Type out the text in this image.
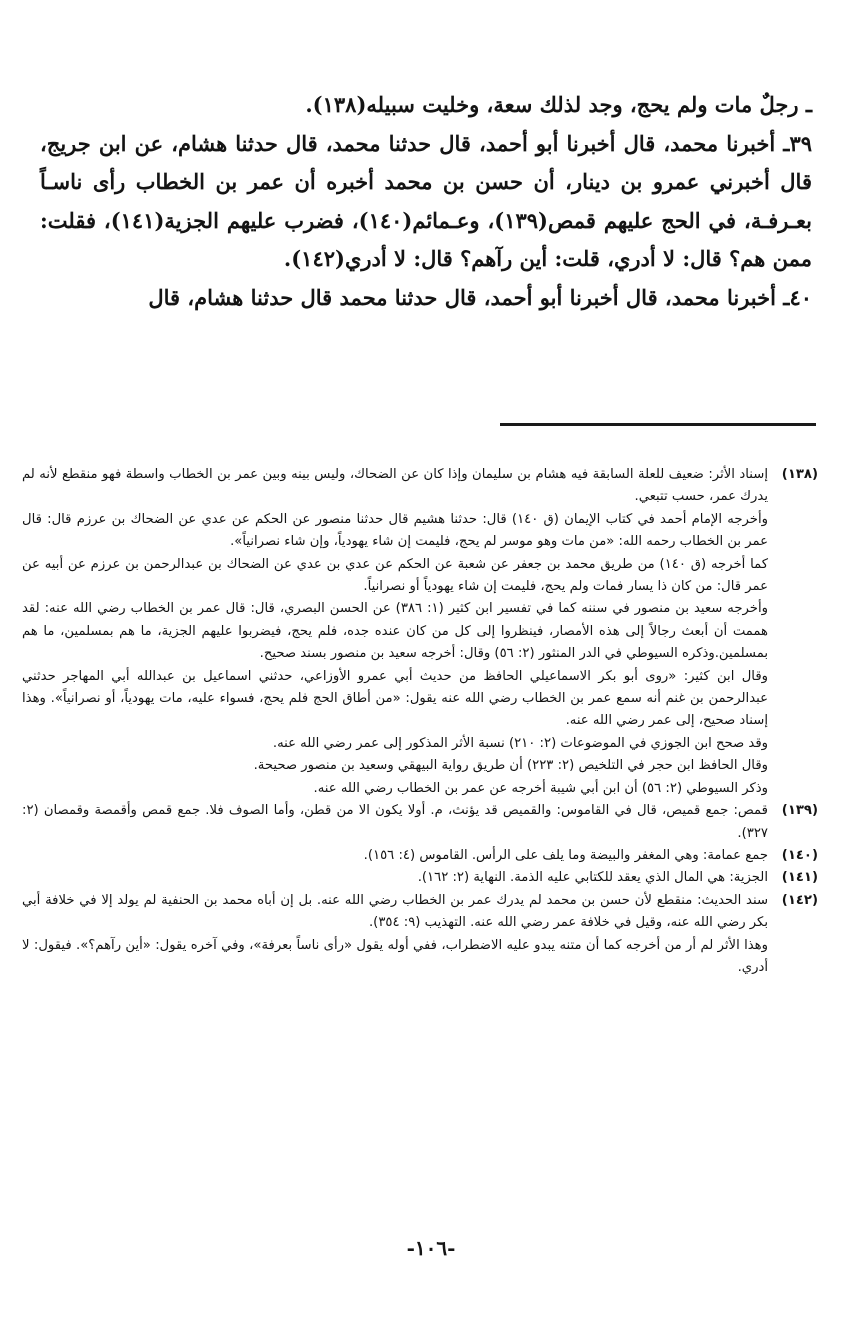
ـ رجلٌ مات ولم يحج، وجد لذلك سعة، وخليت سبيله(١٣٨).

٣٩ـ أخبرنا محمد، قال أخبرنا أبو أحمد، قال حدثنا محمد، قال حدثنا هشام، عن ابن جريج، قال أخبرني عمرو بن دينار، أن حسن بن محمد أخبره أن عمر بن الخطاب رأى ناسـاً بعـرفـة، في الحج عليهم قمص(١٣٩)، وعـمائم(١٤٠)، فضرب عليهم الجزية(١٤١)، فقلت: ممن هم؟ قال: لا أدري، قلت: أين رآهم؟ قال: لا أدري(١٤٢).

٤٠ـ أخبرنا محمد، قال أخبرنا أبو أحمد، قال حدثنا محمد قال حدثنا هشام، قال

(١٣٨)

إسناد الأثر: ضعيف للعلة السابقة فيه هشام بن سليمان وإذا كان عن الضحاك، وليس بينه وبين عمر بن الخطاب واسطة فهو منقطع لأنه لم يدرك عمر، حسب تتبعي.

وأخرجه الإمام أحمد في كتاب الإيمان (ق ١٤٠) قال: حدثنا هشيم قال حدثنا منصور عن الحكم عن عدي عن الضحاك بن عرزم قال: قال عمر بن الخطاب رحمه الله: «من مات وهو موسر لم يحج، فليمت إن شاء يهودياً، وإن شاء نصرانياً».

كما أخرجه (ق ١٤٠) من طريق محمد بن جعفر عن شعبة عن الحكم عن عدي بن عدي عن الضحاك بن عبدالرحمن بن عرزم عن أبيه عن عمر قال: من كان ذا يسار فمات ولم يحج، فليمت إن شاء يهودياً أو نصرانياً.

وأخرجه سعيد بن منصور في سننه كما في تفسير ابن كثير (١: ٣٨٦) عن الحسن البصري، قال: قال عمر بن الخطاب رضي الله عنه: لقد هممت أن أبعث رجالاً إلى هذه الأمصار، فينظروا إلى كل من كان عنده جده، فلم يحج، فيضربوا عليهم الجزية، ما هم بمسلمين، ما هم بمسلمين.وذكره السيوطي في الدر المنثور (٢: ٥٦) وقال: أخرجه سعيد بن منصور بسند صحيح.

وقال ابن كثير: «روى أبو بكر الاسماعيلي الحافظ من حديث أبي عمرو الأوزاعي، حدثني اسماعيل بن عبدالله أبي المهاجر حدثني عبدالرحمن بن غنم أنه سمع عمر بن الخطاب رضي الله عنه يقول: «من أطاق الحج فلم يحج، فسواء عليه، مات يهودياً، أو نصرانياً». وهذا إسناد صحيح، إلى عمر رضي الله عنه.

وقد صحح ابن الجوزي في الموضوعات (٢: ٢١٠) نسبة الأثر المذكور إلى عمر رضي الله عنه.

وقال الحافظ ابن حجر في التلخيص (٢: ٢٢٣) أن طريق رواية البيهقي وسعيد بن منصور صحيحة.

وذكر السيوطي (٢: ٥٦) أن ابن أبي شيبة أخرجه عن عمر بن الخطاب رضي الله عنه.

(١٣٩)

قمص: جمع قميص، قال في القاموس: والقميص قد يؤنث، م. أولا يكون الا من قطن، وأما الصوف فلا. جمع قمص وأقمصة وقمصان (٢: ٣٢٧).

(١٤٠)

جمع عمامة: وهي المغفر والبيضة وما يلف على الرأس. القاموس (٤: ١٥٦).

(١٤١)

الجزية: هي المال الذي يعقد للكتابي عليه الذمة. النهاية (٢: ١٦٢).

(١٤٢)

سند الحديث: منقطع لأن حسن بن محمد لم يدرك عمر بن الخطاب رضي الله عنه. بل إن أباه محمد بن الحنفية لم يولد إلا في خلافة أبي بكر رضي الله عنه، وقيل في خلافة عمر رضي الله عنه. التهذيب (٩: ٣٥٤).

وهذا الأثر لم أر من أخرجه كما أن متنه يبدو عليه الاضطراب، ففي أوله يقول «رأى ناساً بعرفة»، وفي آخره يقول: «أين رآهم؟». فيقول: لا أدري.

-١٠٦-
